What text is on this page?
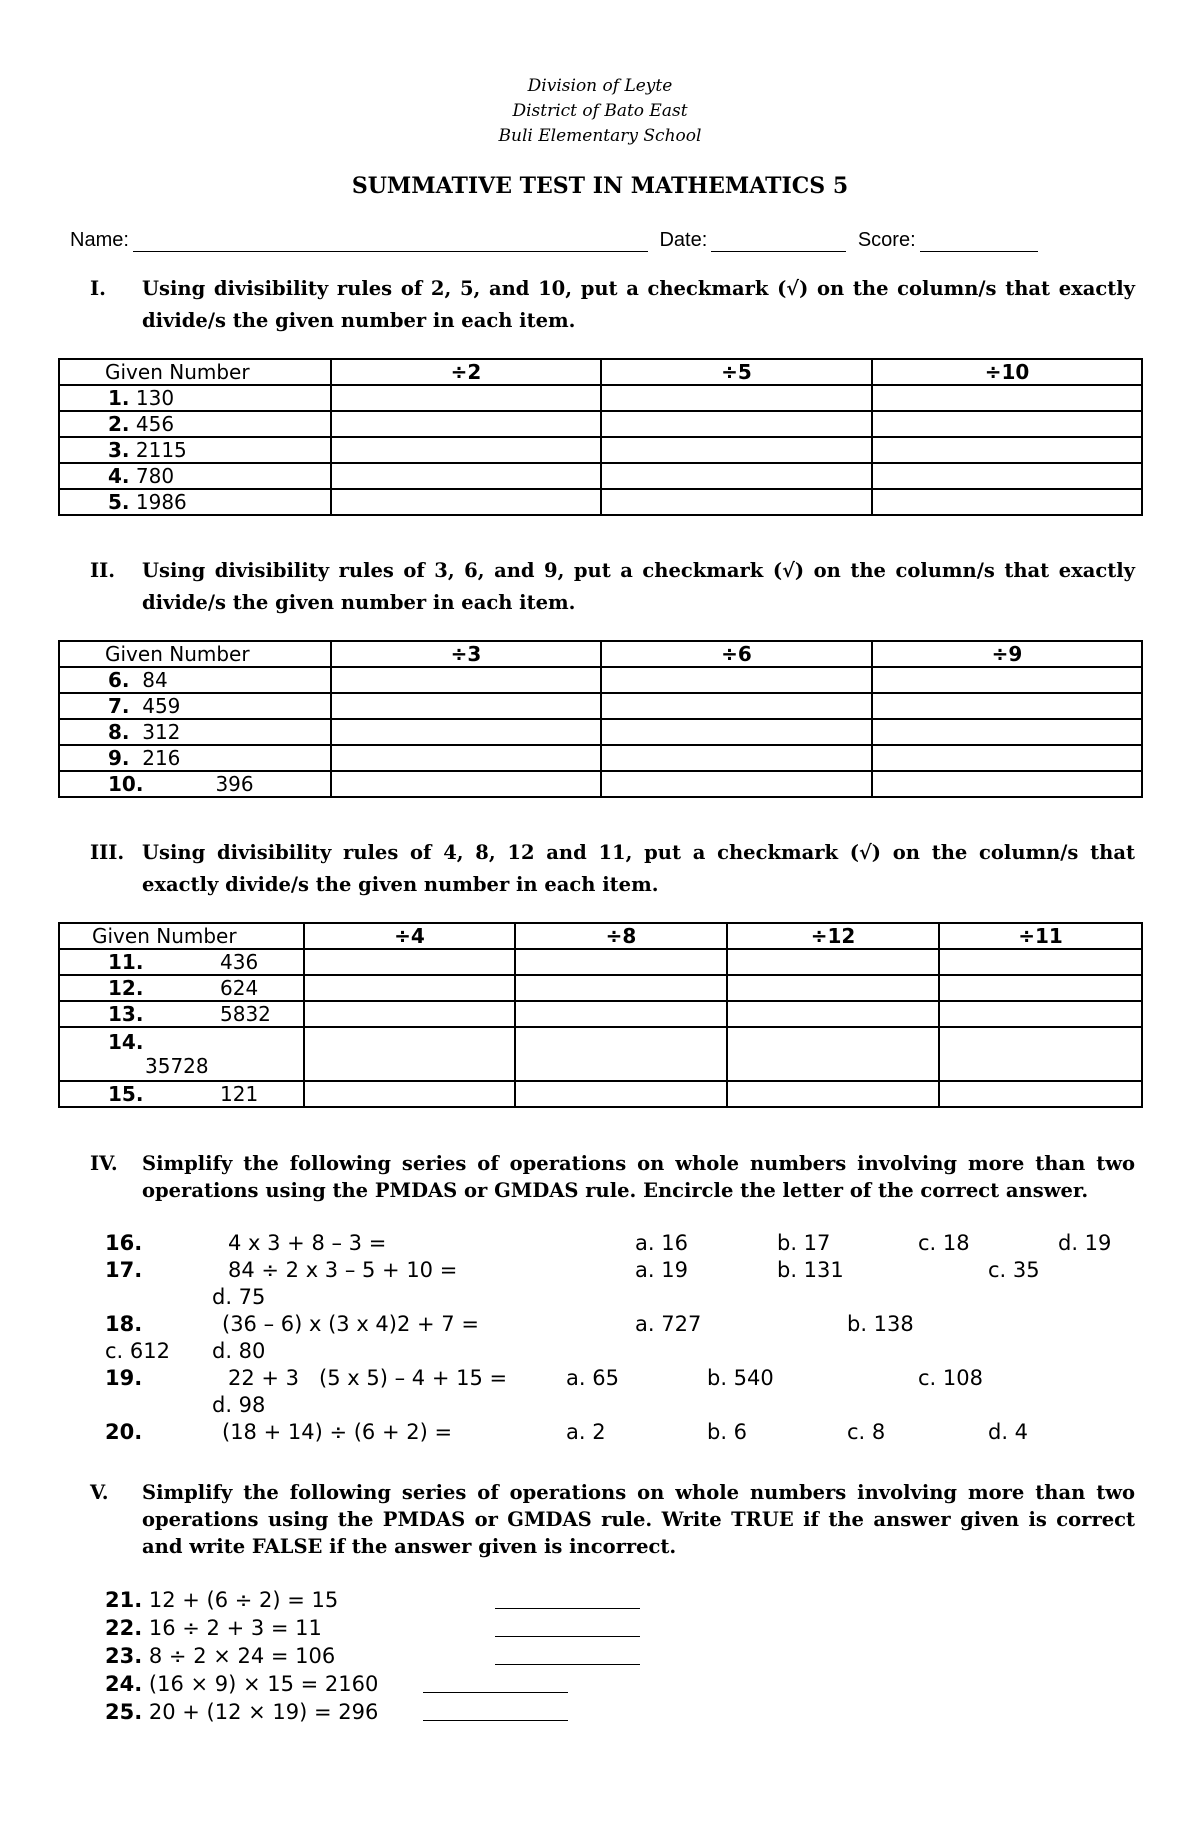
Division of Leyte
District of Bato East
Buli Elementary School
SUMMATIVE TEST IN MATHEMATICS 5
Name:	Date:	Score:
I. Using divisibility rules of 2, 5, and 10, put a checkmark (√) on the column/s that exactly divide/s the given number in each item.
Given Number	÷2	÷5	÷10
1. 130			
2. 456			
3. 2115			
4. 780			
5. 1986			
II. Using divisibility rules of 3, 6, and 9, put a checkmark (√) on the column/s that exactly divide/s the given number in each item.
Given Number	÷3	÷6	÷9
6. 84			
7. 459			
8. 312			
9. 216			
10. 396			
III. Using divisibility rules of 4, 8, 12 and 11, put a checkmark (√) on the column/s that exactly divide/s the given number in each item.
Given Number	÷4	÷8	÷12	÷11
11. 436				
12. 624				
13. 5832				
14.
35728				
15. 121				
IV. Simplify the following series of operations on whole numbers involving more than two operations using the PMDAS or GMDAS rule. Encircle the letter of the correct answer.
16.	4 x 3 + 8 – 3 =	a. 16	b. 17	c. 18	d. 19
17.	84 ÷ 2 x 3 – 5 + 10 =	a. 19	b. 131	c. 35
d. 75
18.	(36 – 6) x (3 x 4)2 + 7 =	a. 727	b. 138
c. 612 d. 80
19.	22 + 3   (5 x 5) – 4 + 15 =	a. 65	b. 540	c. 108
d. 98
20.	(18 + 14) ÷ (6 + 2) =	a. 2	b. 6	c. 8	d. 4
V. Simplify the following series of operations on whole numbers involving more than two operations using the PMDAS or GMDAS rule. Write TRUE if the answer given is correct and write FALSE if the answer given is incorrect.
21. 12 + (6 ÷ 2) = 15
22. 16 ÷ 2 + 3 = 11
23. 8 ÷ 2 × 24 = 106
24. (16 × 9) × 15 = 2160
25. 20 + (12 × 19) = 296
